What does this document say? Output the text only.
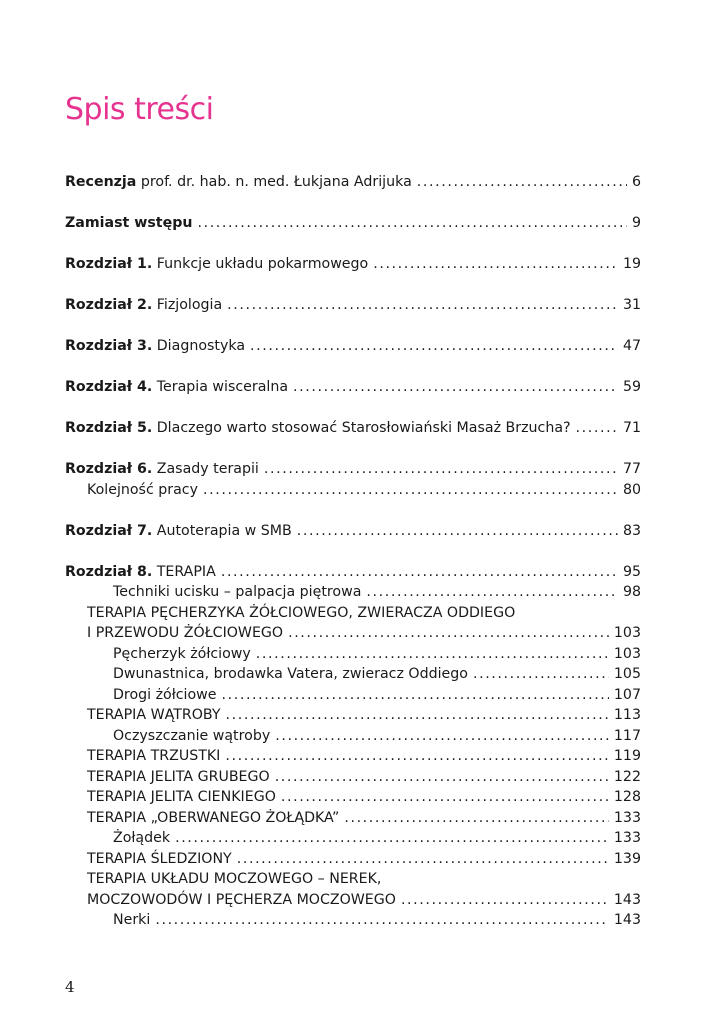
Spis treści
Recenzja prof. dr. hab. n. med. Łukjana Adrijuka .....	6
Zamiast wstępu .....	9
Rozdział 1. Funkcje układu pokarmowego .....	19
Rozdział 2. Fizjologia .....	31
Rozdział 3. Diagnostyka .....	47
Rozdział 4. Terapia wisceralna .....	59
Rozdział 5. Dlaczego warto stosować Starosłowiański Masaż Brzucha? .....	71
Rozdział 6. Zasady terapii .....	77
Kolejność pracy .....	80
Rozdział 7. Autoterapia w SMB .....	83
Rozdział 8. TERAPIA .....	95
Techniki ucisku – palpacja piętrowa .....	98
TERAPIA PĘCHERZYKA ŻÓŁCIOWEGO, ZWIERACZA ODDIEGO
I PRZEWODU ŻÓŁCIOWEGO .....	103
Pęcherzyk żółciowy .....	103
Dwunastnica, brodawka Vatera, zwieracz Oddiego .....	105
Drogi żółciowe .....	107
TERAPIA WĄTROBY .....	113
Oczyszczanie wątroby .....	117
TERAPIA TRZUSTKI .....	119
TERAPIA JELITA GRUBEGO .....	122
TERAPIA JELITA CIENKIEGO .....	128
TERAPIA „OBERWANEGO ŻOŁĄDKA” .....	133
Żołądek .....	133
TERAPIA ŚLEDZIONY .....	139
TERAPIA UKŁADU MOCZOWEGO – NEREK,
MOCZOWODÓW I PĘCHERZA MOCZOWEGO .....	143
Nerki .....	143
4
